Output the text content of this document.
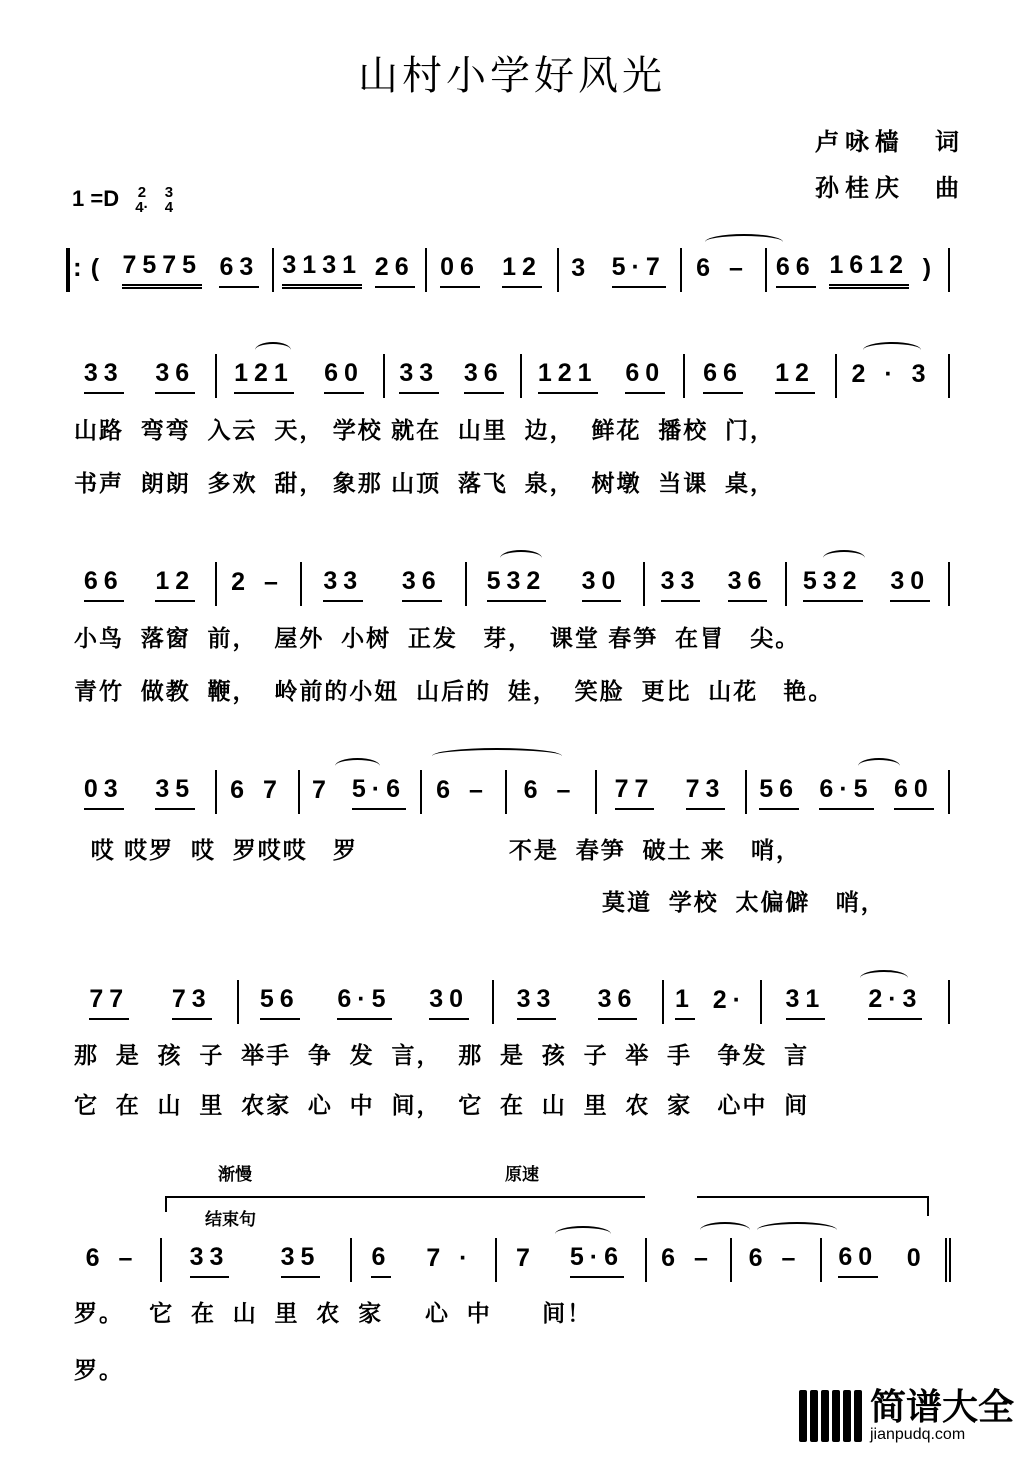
山村小学好风光
卢咏樯　词
孙桂庆　曲
1 =D 2
4· 3
4
:
( 7575 63 3131 26 06 12 3 5·7 6 – 66 1612 )
33 36 121 60 33 36 121 60 66 12 2 · 3
66 12 2 – 33 36 532 30 33 36 532 30
03 35 6 7 7 5·6 6 – 6 – 77 73 56 6·5 60
77 73 56 6·5 30 33 36 1 2· 31 2·3
6 – 33 35 6 7 · 7 5·6 6 – 6 – 60 0
山路  弯弯  入云  天， 学校 就在  山里  边，  鲜花  播校  门，
书声  朗朗  多欢  甜， 象那 山顶  落飞  泉，  树墩  当课  桌，
小鸟  落窗  前，  屋外  小树  正发   芽，  课堂 春笋  在冒   尖。
青竹  做教  鞭，  岭前的小妞  山后的  娃，  笑脸  更比  山花   艳。
哎 哎罗  哎  罗哎哎   罗                  不是  春笋  破土 来   哨，
莫道  学校  太偏僻   哨，
那  是  孩  子  举手  争  发  言，  那  是  孩  子  举  手   争发  言
它  在  山  里  农家  心  中  间，  它  在  山  里  农  家   心中  间
罗。   它  在  山  里  农  家     心  中      间！
罗。
渐慢	原速
结束句
简谱大全
jianpudq.com
